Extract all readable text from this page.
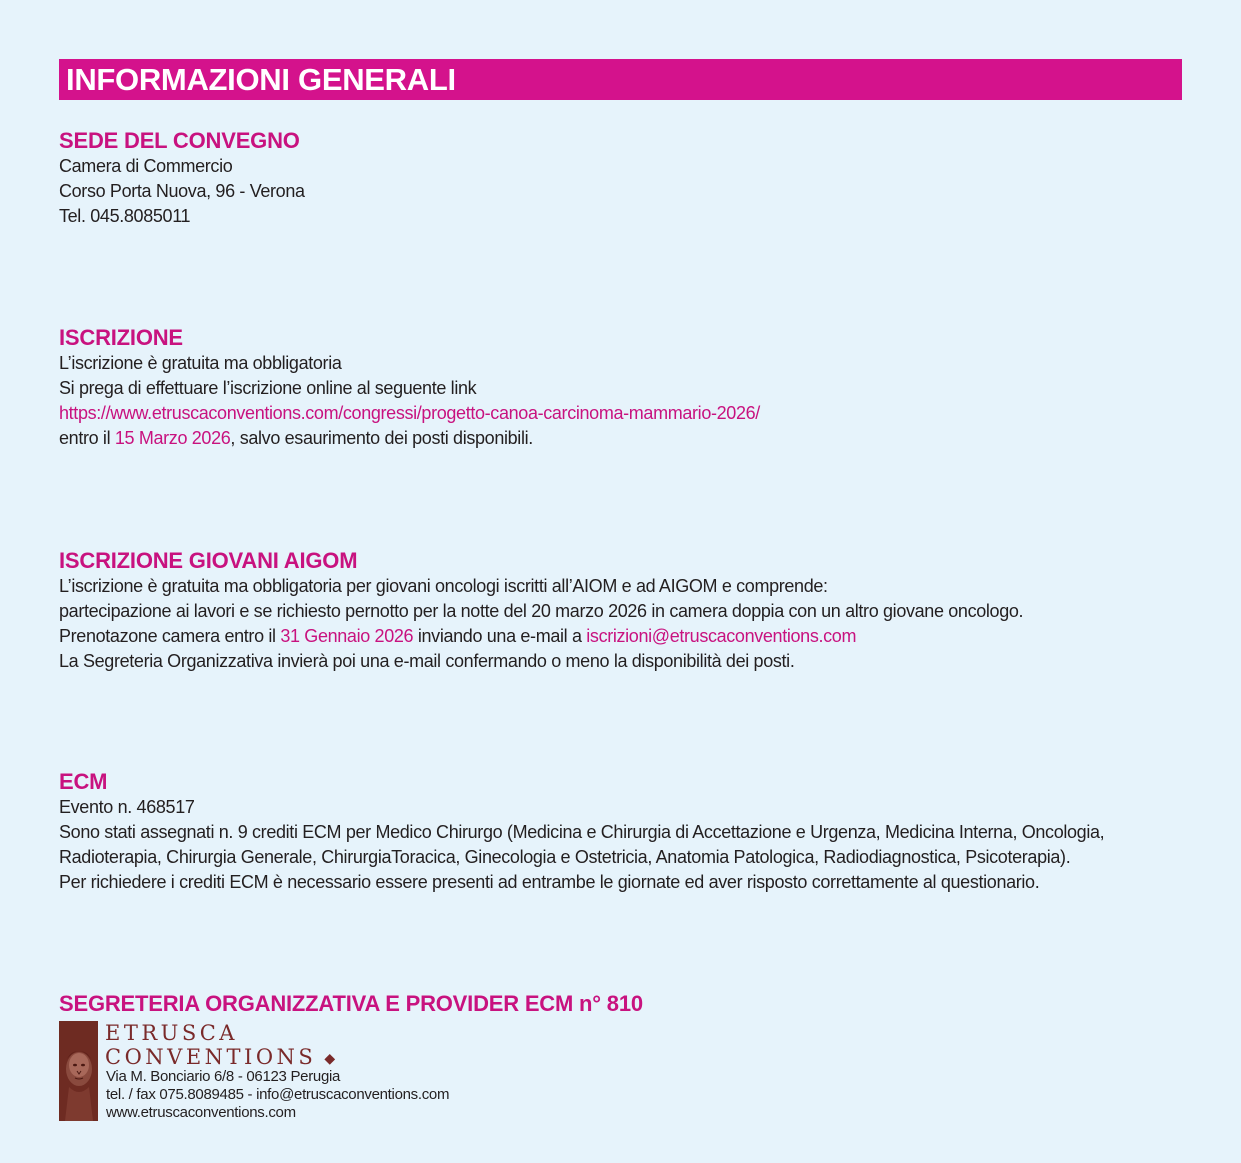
INFORMAZIONI GENERALI
SEDE DEL CONVEGNO
Camera di Commercio
Corso Porta Nuova, 96 - Verona
Tel. 045.8085011
ISCRIZIONE
L’iscrizione è gratuita ma obbligatoria
Si prega di effettuare l’iscrizione online al seguente link
https://www.etruscaconventions.com/congressi/progetto-canoa-carcinoma-mammario-2026/
entro il 15 Marzo 2026, salvo esaurimento dei posti disponibili.
ISCRIZIONE GIOVANI AIGOM
L’iscrizione è gratuita ma obbligatoria per giovani oncologi iscritti all’AIOM e ad AIGOM e comprende:
partecipazione ai lavori e se richiesto pernotto per la notte del 20 marzo 2026 in camera doppia con un altro giovane oncologo.
Prenotazone camera entro il 31 Gennaio 2026 inviando una e-mail a iscrizioni@etruscaconventions.com
La Segreteria Organizzativa invierà poi una e-mail confermando o meno la disponibilità dei posti.
ECM
Evento n. 468517
Sono stati assegnati n. 9 crediti ECM per Medico Chirurgo (Medicina e Chirurgia di Accettazione e Urgenza, Medicina Interna, Oncologia,
Radioterapia, Chirurgia Generale, ChirurgiaToracica, Ginecologia e Ostetricia, Anatomia Patologica, Radiodiagnostica, Psicoterapia).
Per richiedere i crediti ECM è necessario essere presenti ad entrambe le giornate ed aver risposto correttamente al questionario.
SEGRETERIA ORGANIZZATIVA E PROVIDER ECM n° 810
ETRUSCA
CONVENTIONS ◆
Via M. Bonciario 6/8 - 06123 Perugia
tel. / fax 075.8089485 - info@etruscaconventions.com
www.etruscaconventions.com
